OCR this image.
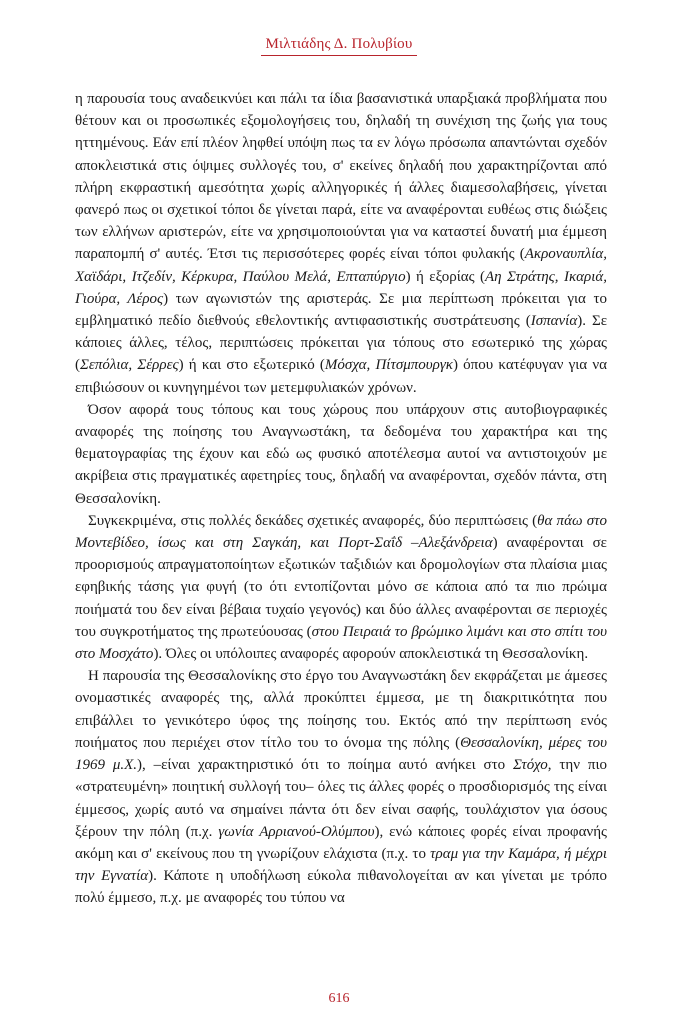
Μιλτιάδης Δ. Πολυβίου

η παρουσία τους αναδεικνύει και πάλι τα ίδια βασανιστικά υπαρξιακά προβλήματα που θέτουν και οι προσωπικές εξομολογήσεις του, δηλαδή τη συνέχιση της ζωής για τους ηττημένους. Εάν επί πλέον ληφθεί υπόψη πως τα εν λόγω πρόσωπα απαντώνται σχεδόν αποκλειστικά στις όψιμες συλλογές του, σ' εκείνες δηλαδή που χαρακτηρίζονται από πλήρη εκφραστική αμεσότητα χωρίς αλληγορικές ή άλλες διαμεσολαβήσεις, γίνεται φανερό πως οι σχετικοί τόποι δε γίνεται παρά, είτε να αναφέρονται ευθέως στις διώξεις των ελλήνων αριστερών, είτε να χρησιμοποιούνται για να καταστεί δυνατή μια έμμεση παραπομπή σ' αυτές. Έτσι τις περισσότερες φορές είναι τόποι φυλακής (Ακροναυπλία, Χαϊδάρι, Ιτζεδίν, Κέρκυρα, Παύλου Μελά, Επταπύργιο) ή εξορίας (Αη Στράτης, Ικαριά, Γιούρα, Λέρος) των αγωνιστών της αριστεράς. Σε μια περίπτωση πρόκειται για το εμβληματικό πεδίο διεθνούς εθελοντικής αντιφασιστικής συστράτευσης (Ισπανία). Σε κάποιες άλλες, τέλος, περιπτώσεις πρόκειται για τόπους στο εσωτερικό της χώρας (Σεπόλια, Σέρρες) ή και στο εξωτερικό (Μόσχα, Πίτσμπουργκ) όπου κατέφυγαν για να επιβιώσουν οι κυνηγημένοι των μετεμφυλιακών χρόνων.

Όσον αφορά τους τόπους και τους χώρους που υπάρχουν στις αυτοβιογραφικές αναφορές της ποίησης του Αναγνωστάκη, τα δεδομένα του χαρακτήρα και της θεματογραφίας της έχουν και εδώ ως φυσικό αποτέλεσμα αυτοί να αντιστοιχούν με ακρίβεια στις πραγματικές αφετηρίες τους, δηλαδή να αναφέρονται, σχεδόν πάντα, στη Θεσσαλονίκη.

Συγκεκριμένα, στις πολλές δεκάδες σχετικές αναφορές, δύο περιπτώσεις (θα πάω στο Μοντεβίδεο, ίσως και στη Σαγκάη, και Πορτ-Σαΐδ –Αλεξάνδρεια) αναφέρονται σε προορισμούς απραγματοποίητων εξωτικών ταξιδιών και δρομολογίων στα πλαίσια μιας εφηβικής τάσης για φυγή (το ότι εντοπίζονται μόνο σε κάποια από τα πιο πρώιμα ποιήματά του δεν είναι βέβαια τυχαίο γεγονός) και δύο άλλες αναφέρονται σε περιοχές του συγκροτήματος της πρωτεύουσας (στου Πειραιά το βρώμικο λιμάνι και στο σπίτι του στο Μοσχάτο). Όλες οι υπόλοιπες αναφορές αφορούν αποκλειστικά τη Θεσσαλονίκη.

Η παρουσία της Θεσσαλονίκης στο έργο του Αναγνωστάκη δεν εκφράζεται με άμεσες ονομαστικές αναφορές της, αλλά προκύπτει έμμεσα, με τη διακριτικότητα που επιβάλλει το γενικότερο ύφος της ποίησης του. Εκτός από την περίπτωση ενός ποιήματος που περιέχει στον τίτλο του το όνομα της πόλης (Θεσσαλονίκη, μέρες του 1969 μ.Χ.), –είναι χαρακτηριστικό ότι το ποίημα αυτό ανήκει στο Στόχο, την πιο «στρατευμένη» ποιητική συλλογή του– όλες τις άλλες φορές ο προσδιορισμός της είναι έμμεσος, χωρίς αυτό να σημαίνει πάντα ότι δεν είναι σαφής, τουλάχιστον για όσους ξέρουν την πόλη (π.χ. γωνία Αρριανού-Ολύμπου), ενώ κάποιες φορές είναι προφανής ακόμη και σ' εκείνους που τη γνωρίζουν ελάχιστα (π.χ. το τραμ για την Καμάρα, ή μέχρι την Εγνατία). Κάποτε η υποδήλωση εύκολα πιθανολογείται αν και γίνεται με τρόπο πολύ έμμεσο, π.χ. με αναφορές του τύπου να

616
